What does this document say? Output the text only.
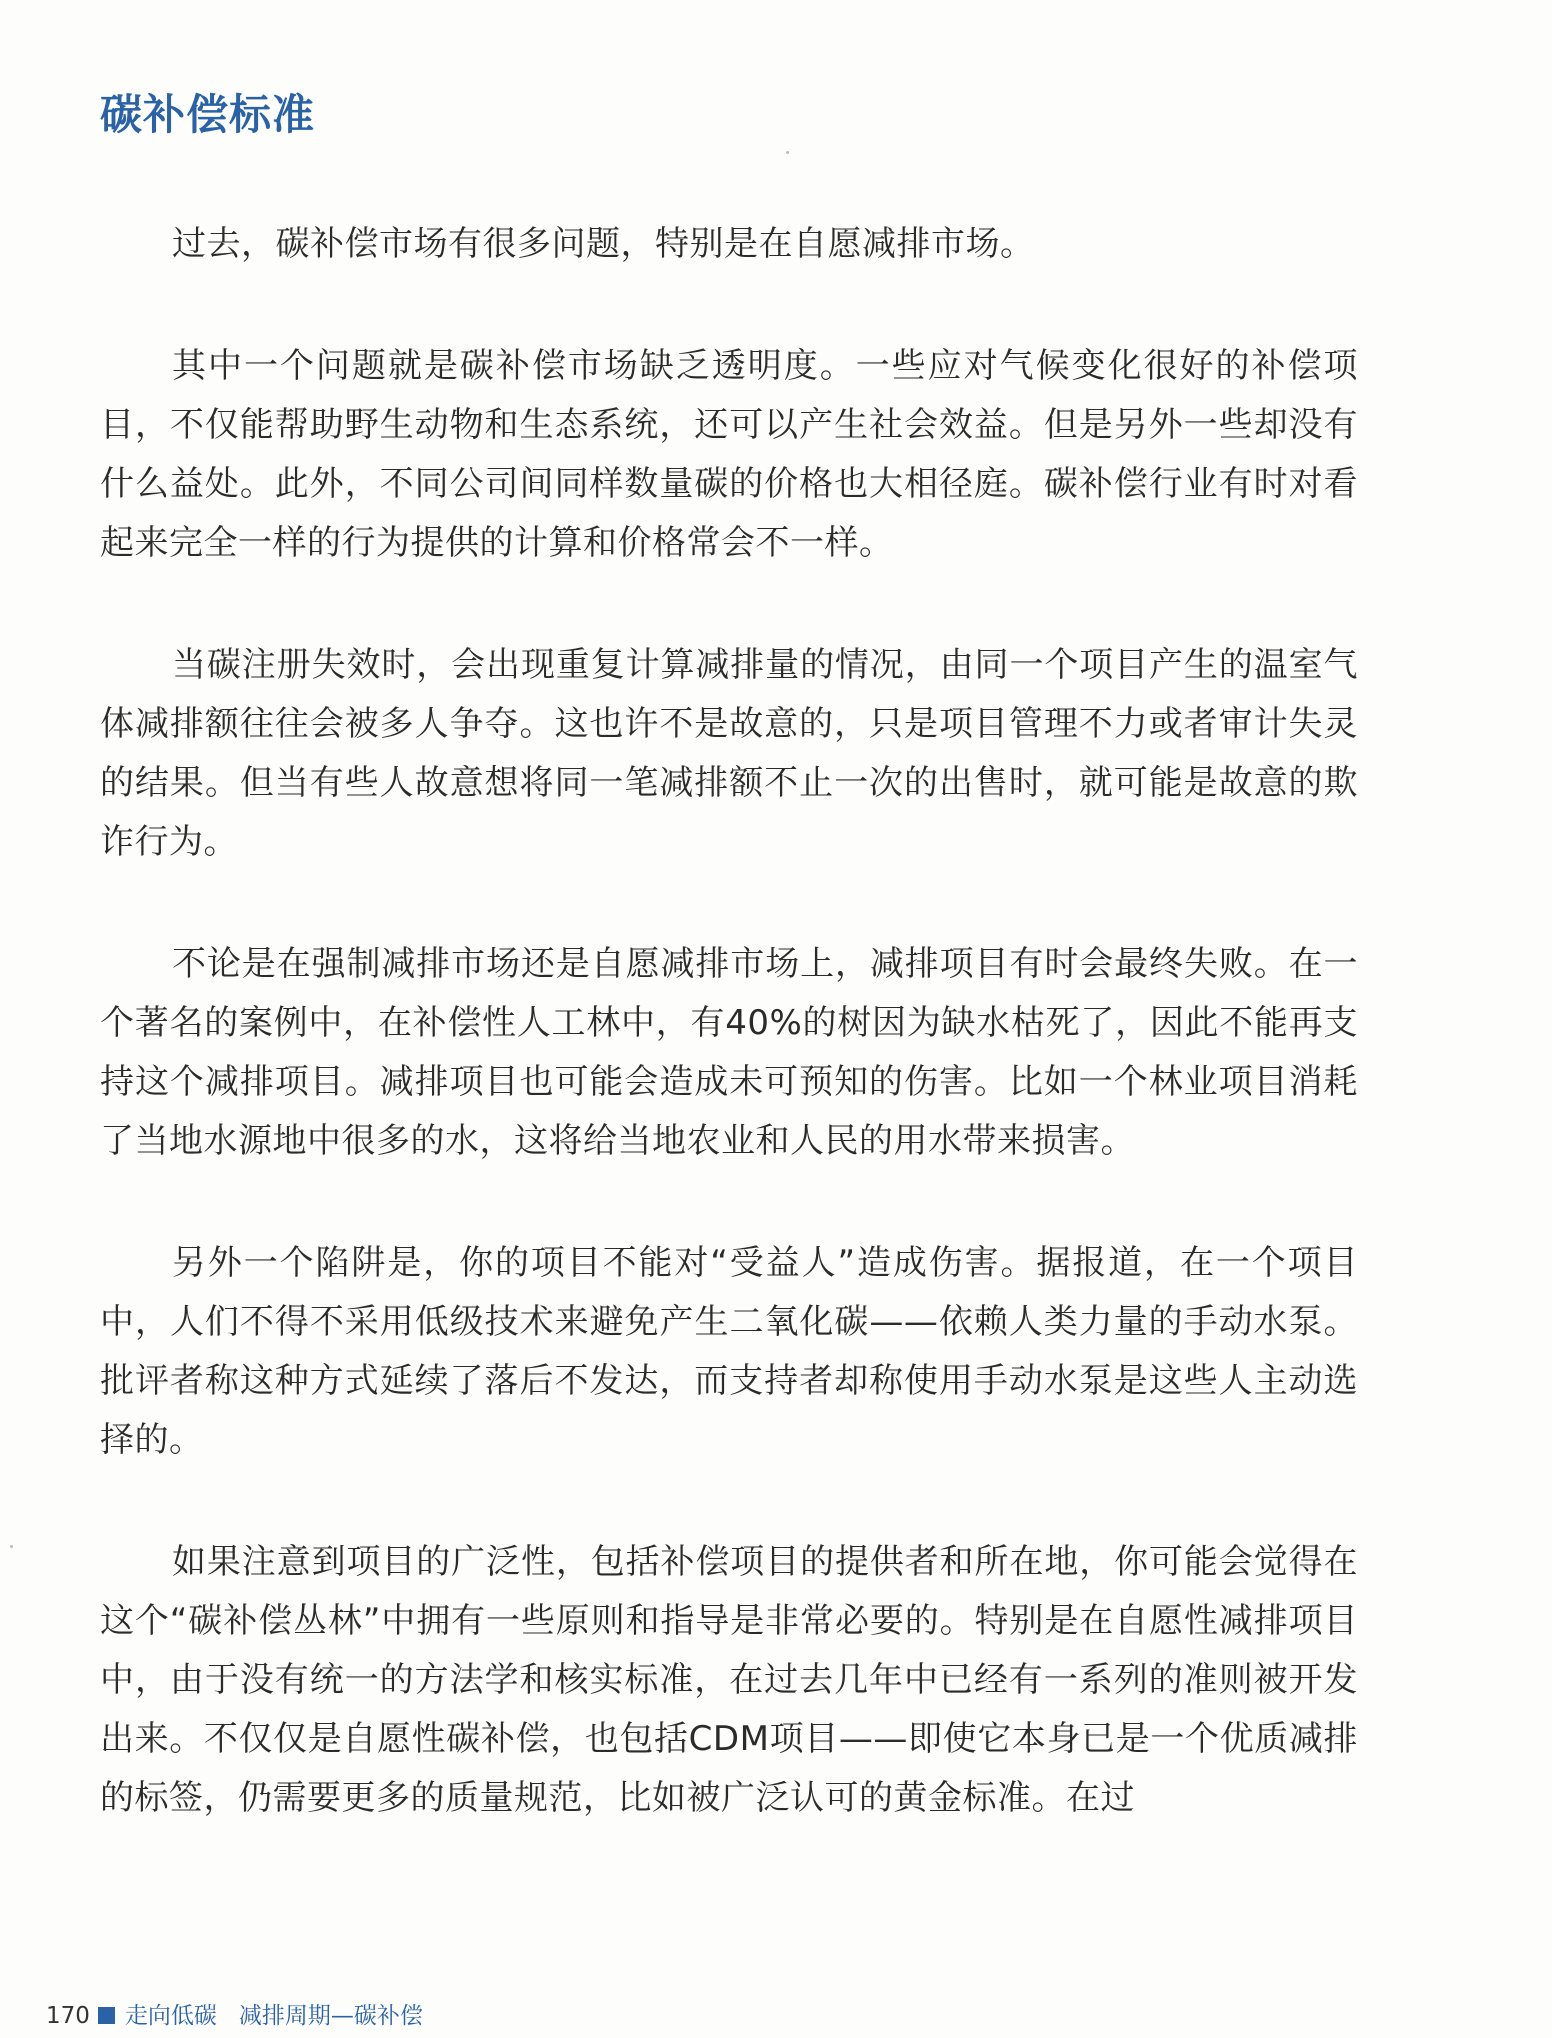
碳补偿标准

过去，碳补偿市场有很多问题，特别是在自愿减排市场。

其中一个问题就是碳补偿市场缺乏透明度。一些应对气候变化很好的补偿项目，不仅能帮助野生动物和生态系统，还可以产生社会效益。但是另外一些却没有什么益处。此外，不同公司间同样数量碳的价格也大相径庭。碳补偿行业有时对看起来完全一样的行为提供的计算和价格常会不一样。

当碳注册失效时，会出现重复计算减排量的情况，由同一个项目产生的温室气体减排额往往会被多人争夺。这也许不是故意的，只是项目管理不力或者审计失灵的结果。但当有些人故意想将同一笔减排额不止一次的出售时，就可能是故意的欺诈行为。

不论是在强制减排市场还是自愿减排市场上，减排项目有时会最终失败。在一个著名的案例中，在补偿性人工林中，有40%的树因为缺水枯死了，因此不能再支持这个减排项目。减排项目也可能会造成未可预知的伤害。比如一个林业项目消耗了当地水源地中很多的水，这将给当地农业和人民的用水带来损害。

另外一个陷阱是，你的项目不能对“受益人”造成伤害。据报道，在一个项目中，人们不得不采用低级技术来避免产生二氧化碳——依赖人类力量的手动水泵。批评者称这种方式延续了落后不发达，而支持者却称使用手动水泵是这些人主动选择的。

如果注意到项目的广泛性，包括补偿项目的提供者和所在地，你可能会觉得在这个“碳补偿丛林”中拥有一些原则和指导是非常必要的。特别是在自愿性减排项目中，由于没有统一的方法学和核实标准，在过去几年中已经有一系列的准则被开发出来。不仅仅是自愿性碳补偿，也包括CDM项目——即使它本身已是一个优质减排的标签，仍需要更多的质量规范，比如被广泛认可的黄金标准。在过

170 走向低碳 减排周期—碳补偿
